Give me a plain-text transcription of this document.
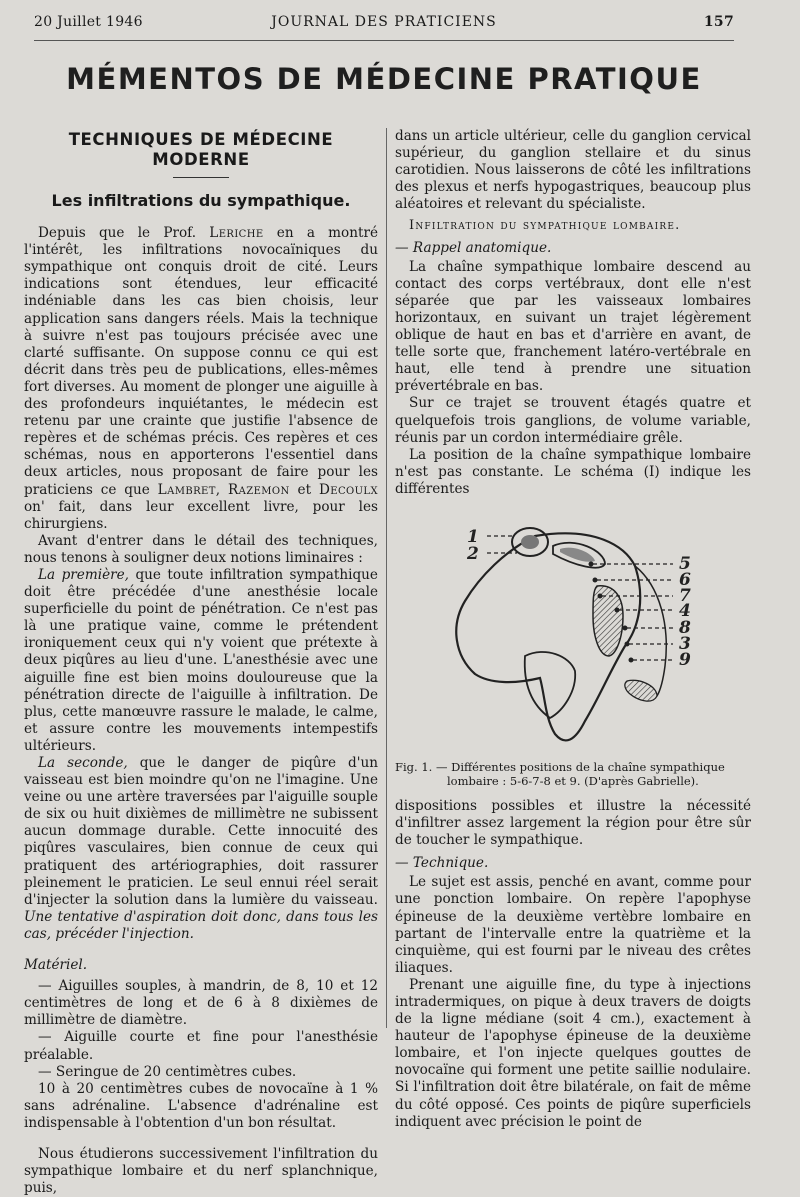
20 Juillet 1946	JOURNAL DES PRATICIENS	157
MÉMENTOS DE MÉDECINE PRATIQUE
TECHNIQUES DE MÉDECINE
MODERNE
Les infiltrations du sympathique.

Depuis que le Prof. Leriche en a montré l'intérêt, les infiltrations novocaïniques du sympathique ont conquis droit de cité. Leurs indications sont étendues, leur efficacité indéniable dans les cas bien choisis, leur application sans dangers réels. Mais la technique à suivre n'est pas toujours précisée avec une clarté suffisante. On suppose connu ce qui est décrit dans très peu de publications, elles-mêmes fort diverses. Au moment de plonger une aiguille à des profondeurs inquiétantes, le médecin est retenu par une crainte que justifie l'absence de repères et de schémas précis. Ces repères et ces schémas, nous en apporterons l'essentiel dans deux articles, nous proposant de faire pour les praticiens ce que Lambret, Razemon et Decoulx on' fait, dans leur excellent livre, pour les chirurgiens.

Avant d'entrer dans le détail des techniques, nous tenons à souligner deux notions liminaires :

La première, que toute infiltration sympathique doit être précédée d'une anesthésie locale superficielle du point de pénétration. Ce n'est pas là une pratique vaine, comme le prétendent ironiquement ceux qui n'y voient que prétexte à deux piqûres au lieu d'une. L'anesthésie avec une aiguille fine est bien moins douloureuse que la pénétration directe de l'aiguille à infiltration. De plus, cette manœuvre rassure le malade, le calme, et assure contre les mouvements intempestifs ultérieurs.

La seconde, que le danger de piqûre d'un vaisseau est bien moindre qu'on ne l'imagine. Une veine ou une artère traversées par l'aiguille souple de six ou huit dixièmes de millimètre ne subissent aucun dommage durable. Cette innocuité des piqûres vasculaires, bien connue de ceux qui pratiquent des artériographies, doit rassurer pleinement le praticien. Le seul ennui réel serait d'injecter la solution dans la lumière du vaisseau. Une tentative d'aspiration doit donc, dans tous les cas, précéder l'injection.

Matériel.

— Aiguilles souples, à mandrin, de 8, 10 et 12 centimètres de long et de 6 à 8 dixièmes de millimètre de diamètre.

— Aiguille courte et fine pour l'anesthésie préalable.

— Seringue de 20 centimètres cubes.

10 à 20 centimètres cubes de novocaïne à 1 % sans adrénaline. L'absence d'adrénaline est indispensable à l'obtention d'un bon résultat.

Nous étudierons successivement l'infiltration du sympathique lombaire et du nerf splanchnique, puis,

dans un article ultérieur, celle du ganglion cervical supérieur, du ganglion stellaire et du sinus carotidien. Nous laisserons de côté les infiltrations des plexus et nerfs hypogastriques, beaucoup plus aléatoires et relevant du spécialiste.

Infiltration du sympathique lombaire.
— Rappel anatomique.

La chaîne sympathique lombaire descend au contact des corps vertébraux, dont elle n'est séparée que par les vaisseaux lombaires horizontaux, en suivant un trajet légèrement oblique de haut en bas et d'arrière en avant, de telle sorte que, franchement latéro-vertébrale en haut, elle tend à prendre une situation prévertébrale en bas.

Sur ce trajet se trouvent étagés quatre et quelquefois trois ganglions, de volume variable, réunis par un cordon intermédiaire grêle.

La position de la chaîne sympathique lombaire n'est pas constante. Le schéma (I) indique les différentes

1
2	5
6
7
4
8
3
9
Fig. 1. — Différentes positions de la chaîne sympathique
lombaire : 5-6-7-8 et 9. (D'après Gabrielle).

dispositions possibles et illustre la nécessité d'infiltrer assez largement la région pour être sûr de toucher le sympathique.

— Technique.

Le sujet est assis, penché en avant, comme pour une ponction lombaire. On repère l'apophyse épineuse de la deuxième vertèbre lombaire en partant de l'intervalle entre la quatrième et la cinquième, qui est fourni par le niveau des crêtes iliaques.

Prenant une aiguille fine, du type à injections intradermiques, on pique à deux travers de doigts de la ligne médiane (soit 4 cm.), exactement à hauteur de l'apophyse épineuse de la deuxième lombaire, et l'on injecte quelques gouttes de novocaïne qui forment une petite saillie nodulaire. Si l'infiltration doit être bilatérale, on fait de même du côté opposé. Ces points de piqûre superficiels indiquent avec précision le point de
